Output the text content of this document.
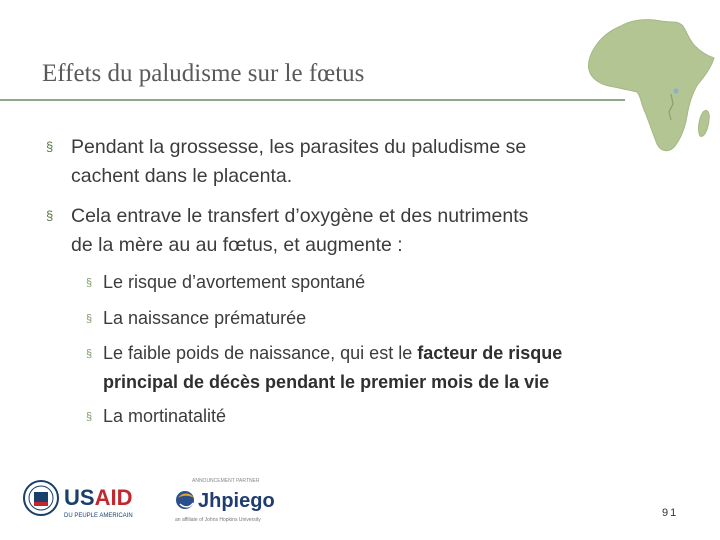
Effets du paludisme sur le fœtus
§ Pendant la grossesse, les parasites du paludisme se
cachent dans le placenta.
§ Cela entrave le transfert d’oxygène et des nutriments
de la mère au au fœtus, et augmente :
§ Le risque d’avortement spontané
§ La naissance prématurée
§ Le faible poids de naissance, qui est le facteur de risque
principal de décès pendant le premier mois de la vie
§ La mortinatalité
USAID
DU PEUPLE AMERICAIN
ANNOUNCEMENT PARTNER
Jhpiego
an affiliate of Johns Hopkins University
91
